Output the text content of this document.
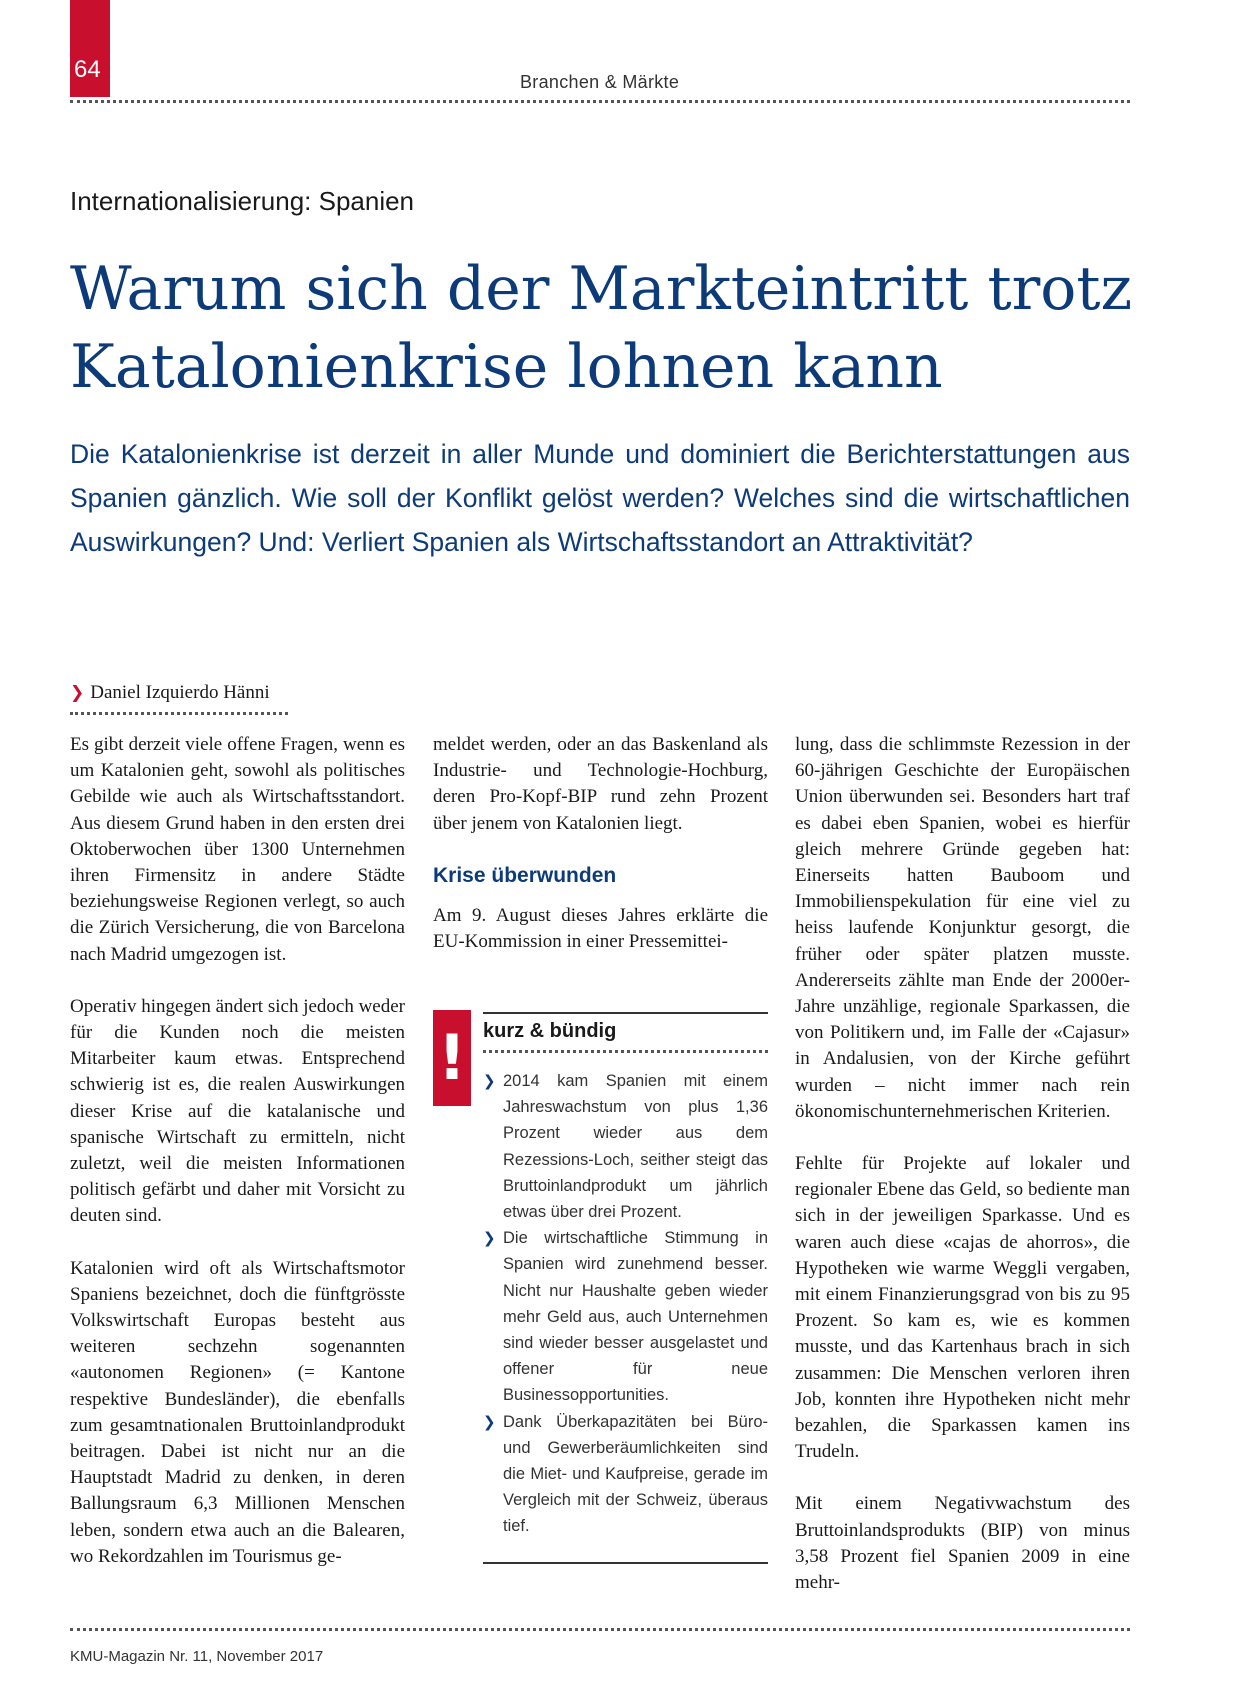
64	Branchen & Märkte
Internationalisierung: Spanien
Warum sich der Markteintritt trotz Katalonienkrise lohnen kann

Die Katalonienkrise ist derzeit in aller Munde und dominiert die Berichterstattungen aus Spanien gänzlich. Wie soll der Konflikt gelöst werden? Welches sind die wirtschaftlichen Auswirkungen? Und: Verliert Spanien als Wirtschaftsstandort an Attraktivität?

❯ Daniel Izquierdo Hänni

Es gibt derzeit viele offene Fragen, wenn es um Katalonien geht, sowohl als politisches Gebilde wie auch als Wirtschaftsstandort. Aus diesem Grund haben in den ersten drei Oktoberwochen über 1300 Unternehmen ihren Firmensitz in andere Städte beziehungsweise Regionen verlegt, so auch die Zürich Versicherung, die von Barcelona nach Madrid umgezogen ist.

Operativ hingegen ändert sich jedoch weder für die Kunden noch die meisten Mitarbeiter kaum etwas. Entsprechend schwierig ist es, die realen Auswirkungen dieser Krise auf die katalanische und spanische Wirtschaft zu ermitteln, nicht zuletzt, weil die meisten Informationen politisch gefärbt und daher mit Vorsicht zu deuten sind.

Katalonien wird oft als Wirtschaftsmotor Spaniens bezeichnet, doch die fünftgrösste Volkswirtschaft Europas besteht aus weiteren sechzehn sogenannten «autonomen Regionen» (= Kantone respektive Bundesländer), die ebenfalls zum gesamtnationalen Bruttoinlandprodukt beitragen. Dabei ist nicht nur an die Hauptstadt Madrid zu denken, in deren Ballungsraum 6,3 Millionen Menschen leben, sondern etwa auch an die Balearen, wo Rekordzahlen im Tourismus ge-

meldet werden, oder an das Baskenland als Industrie- und Technologie-Hochburg, deren Pro-Kopf-BIP rund zehn Prozent über jenem von Katalonien liegt.

Krise überwunden

Am 9. August dieses Jahres erklärte die EU-Kommission in einer Pressemittei-

! kurz & bündig
❯ 2014 kam Spanien mit einem Jahreswachstum von plus 1,36 Prozent wieder aus dem Rezessions-Loch, seither steigt das Bruttoinlandprodukt um jährlich etwas über drei Prozent.
❯ Die wirtschaftliche Stimmung in Spanien wird zunehmend besser. Nicht nur Haushalte geben wieder mehr Geld aus, auch Unternehmen sind wieder besser ausgelastet und offener für neue Businessopportunities.
❯ Dank Überkapazitäten bei Büro- und Gewerberäumlichkeiten sind die Miet- und Kaufpreise, gerade im Vergleich mit der Schweiz, überaus tief.

lung, dass die schlimmste Rezession in der 60-jährigen Geschichte der Europäischen Union überwunden sei. Besonders hart traf es dabei eben Spanien, wobei es hierfür gleich mehrere Gründe gegeben hat: Einerseits hatten Bauboom und Immobilienspekulation für eine viel zu heiss laufende Konjunktur gesorgt, die früher oder später platzen musste. Andererseits zählte man Ende der 2000er-Jahre unzählige, regionale Sparkassen, die von Politikern und, im Falle der «Cajasur» in Andalusien, von der Kirche geführt wurden – nicht immer nach rein ökonomischunternehmerischen Kriterien.

Fehlte für Projekte auf lokaler und regionaler Ebene das Geld, so bediente man sich in der jeweiligen Sparkasse. Und es waren auch diese «cajas de ahorros», die Hypotheken wie warme Weggli vergaben, mit einem Finanzierungsgrad von bis zu 95 Prozent. So kam es, wie es kommen musste, und das Kartenhaus brach in sich zusammen: Die Menschen verloren ihren Job, konnten ihre Hypotheken nicht mehr bezahlen, die Sparkassen kamen ins Trudeln.

Mit einem Negativwachstum des Bruttoinlandsprodukts (BIP) von minus 3,58 Prozent fiel Spanien 2009 in eine mehr-

KMU-Magazin Nr. 11, November 2017
